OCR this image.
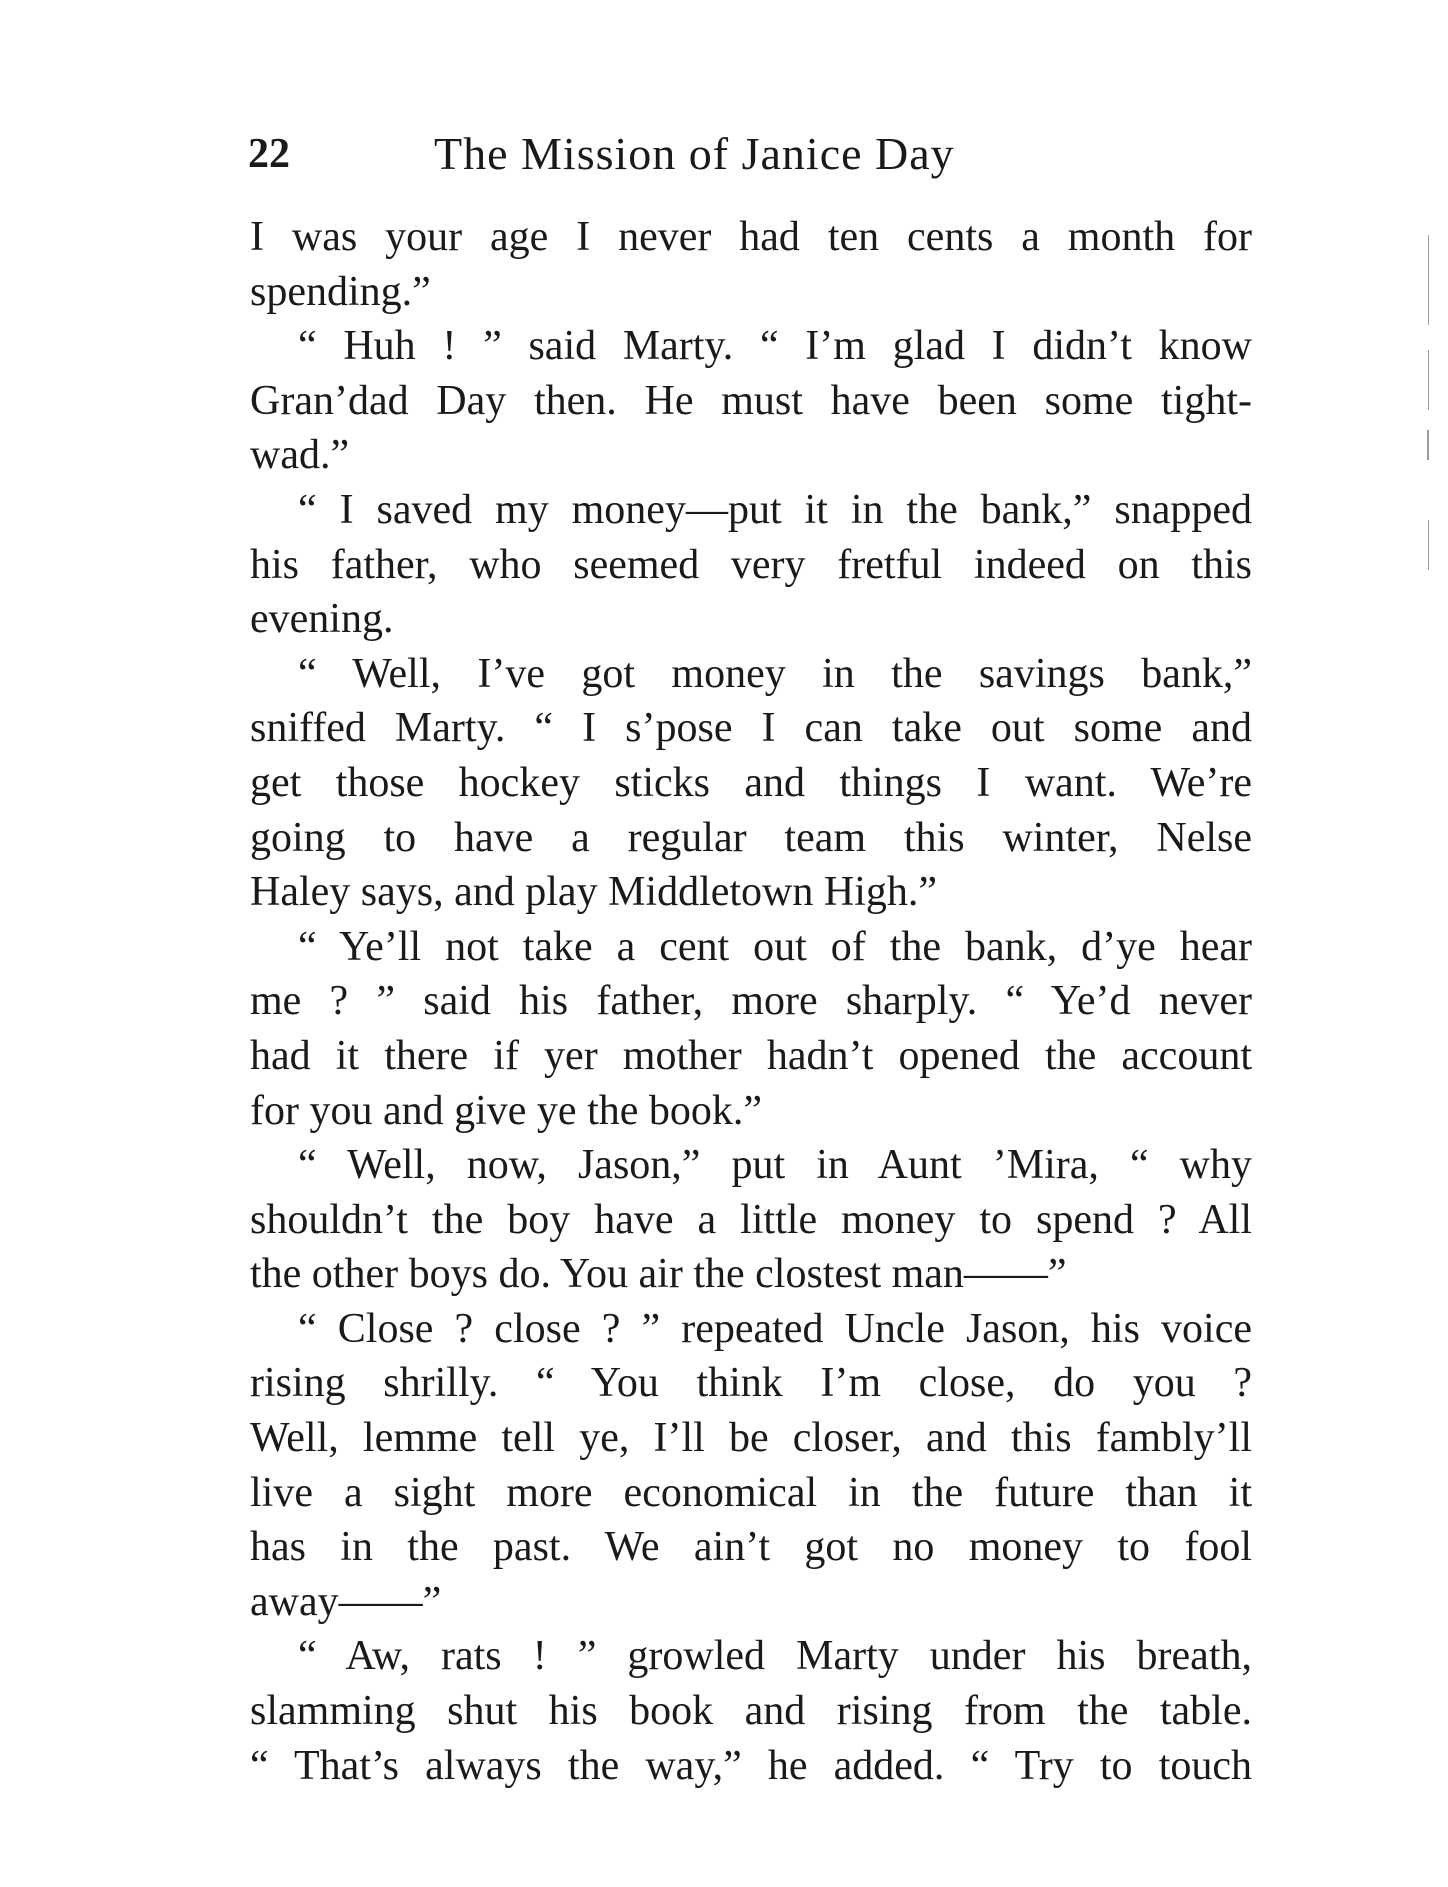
22	The Mission of Janice Day
I was your age I never had ten cents a month for
spending.”
“ Huh ! ” said Marty. “ I’m glad I didn’t know
Gran’dad Day then. He must have been some tight-
wad.”
“ I saved my money—put it in the bank,” snapped
his father, who seemed very fretful indeed on this
evening.
“ Well, I’ve got money in the savings bank,”
sniffed Marty. “ I s’pose I can take out some and
get those hockey sticks and things I want. We’re
going to have a regular team this winter, Nelse
Haley says, and play Middletown High.”
“ Ye’ll not take a cent out of the bank, d’ye hear
me ? ” said his father, more sharply. “ Ye’d never
had it there if yer mother hadn’t opened the account
for you and give ye the book.”
“ Well, now, Jason,” put in Aunt ’Mira, “ why
shouldn’t the boy have a little money to spend ? All
the other boys do. You air the clostest man——”
“ Close ? close ? ” repeated Uncle Jason, his voice
rising shrilly. “ You think I’m close, do you ?
Well, lemme tell ye, I’ll be closer, and this fambly’ll
live a sight more economical in the future than it
has in the past. We ain’t got no money to fool
away——”
“ Aw, rats ! ” growled Marty under his breath,
slamming shut his book and rising from the table.
“ That’s always the way,” he added. “ Try to touch
